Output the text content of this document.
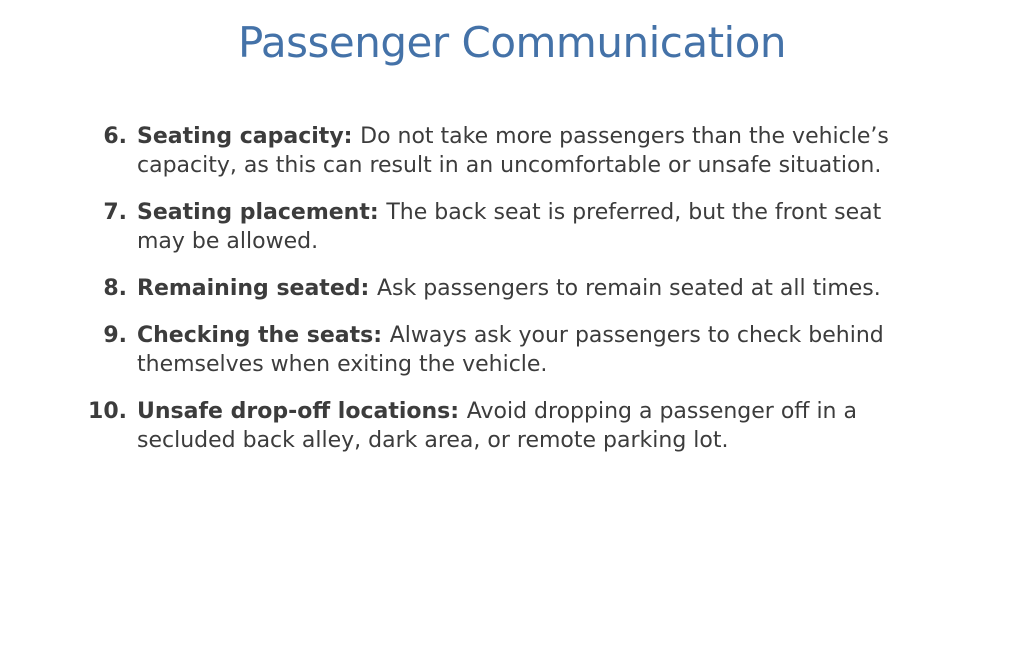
Passenger Communication
6. Seating capacity: Do not take more passengers than the vehicle’s capacity, as this can result in an uncomfortable or unsafe situation.
7. Seating placement: The back seat is preferred, but the front seat may be allowed.
8. Remaining seated: Ask passengers to remain seated at all times.
9. Checking the seats: Always ask your passengers to check behind themselves when exiting the vehicle.
10. Unsafe drop-off locations: Avoid dropping a passenger off in a secluded back alley, dark area, or remote parking lot.
